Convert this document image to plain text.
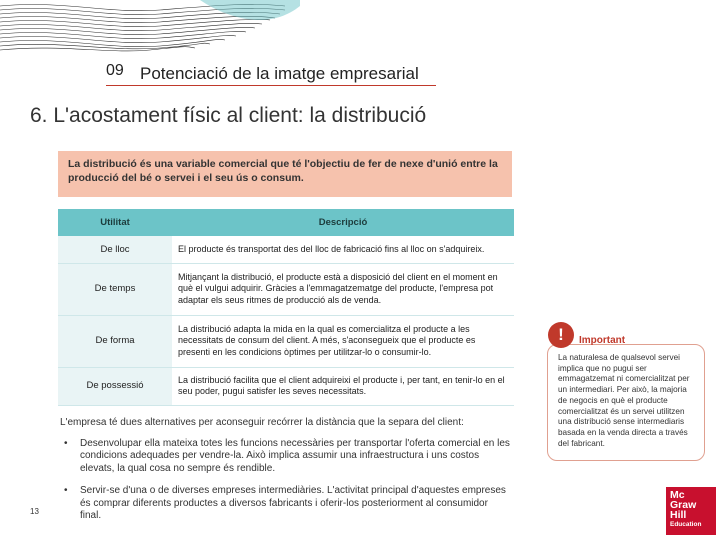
09 Potenciació de la imatge empresarial
6. L'acostament físic al client: la distribució
La distribució és una variable comercial que té l'objectiu de fer de nexe d'unió entre la producció del bé o servei i el seu ús o consum.
Utilitat	Descripció
De lloc	El producte és transportat des del lloc de fabricació fins al lloc on s'adquireix.
De temps	Mitjançant la distribució, el producte està a disposició del client en el moment en què el vulgui adquirir. Gràcies a l'emmagatzematge del producte, l'empresa pot adaptar els seus ritmes de producció als de venda.
De forma	La distribució adapta la mida en la qual es comercialitza el producte a les necessitats de consum del client. A més, s'aconsegueix que el producte es presenti en les condicions òptimes per utilitzar-lo o consumir-lo.
De possessió	La distribució facilita que el client adquireixi el producte i, per tant, en tenir-lo en el seu poder, pugui satisfer les seves necessitats.

L'empresa té dues alternatives per aconseguir recórrer la distància que la separa del client:

• Desenvolupar ella mateixa totes les funcions necessàries per transportar l'oferta comercial en les condicions adequades per vendre-la. Això implica assumir una infraestructura i uns costos elevats, la qual cosa no sempre és rendible.
• Servir-se d'una o de diverses empreses intermediàries. L'activitat principal d'aquestes empreses és comprar diferents productes a diversos fabricants i oferir-los posteriorment al consumidor final.
13
La naturalesa de qualsevol servei implica que no pugui ser emmagatzemat ni comercialitzat per un intermediari. Per això, la majoria de negocis en què el producte comercialitzat és un servei utilitzen una distribució sense intermediaris basada en la venda directa a través del fabricant.
!	Important
Mc
Graw
Hill
Education
